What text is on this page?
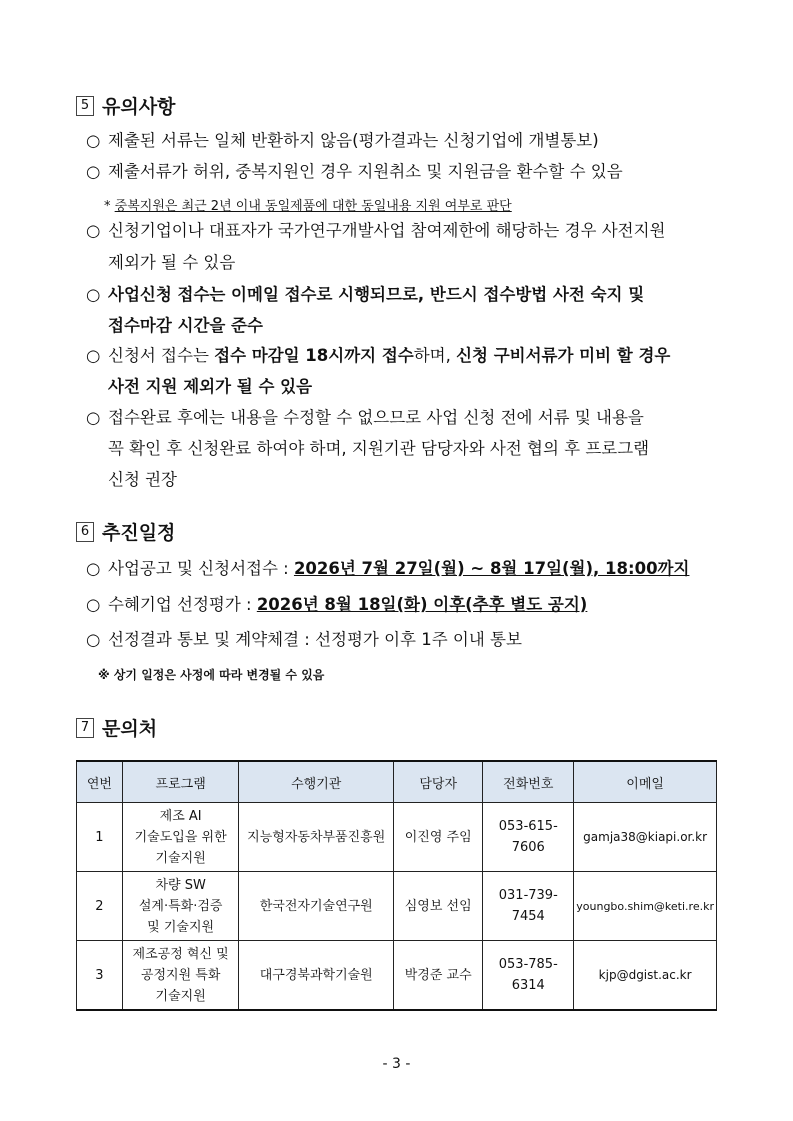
5 유의사항
○ 제출된 서류는 일체 반환하지 않음(평가결과는 신청기업에 개별통보)
○ 제출서류가 허위, 중복지원인 경우 지원취소 및 지원금을 환수할 수 있음
* 중복지원은 최근 2년 이내 동일제품에 대한 동일내용 지원 여부로 판단
○ 신청기업이나 대표자가 국가연구개발사업 참여제한에 해당하는 경우 사전지원
제외가 될 수 있음
○ 사업신청 접수는 이메일 접수로 시행되므로, 반드시 접수방법 사전 숙지 및
접수마감 시간을 준수
○ 신청서 접수는 접수 마감일 18시까지 접수하며, 신청 구비서류가 미비 할 경우
사전 지원 제외가 될 수 있음
○ 접수완료 후에는 내용을 수정할 수 없으므로 사업 신청 전에 서류 및 내용을
꼭 확인 후 신청완료 하여야 하며, 지원기관 담당자와 사전 협의 후 프로그램
신청 권장
6 추진일정
○ 사업공고 및 신청서접수 : 2026년 7월 27일(월) ~ 8월 17일(월), 18:00까지
○ 수혜기업 선정평가 : 2026년 8월 18일(화) 이후(추후 별도 공지)
○ 선정결과 통보 및 계약체결 : 선정평가 이후 1주 이내 통보
※ 상기 일정은 사정에 따라 변경될 수 있음
7 문의처
연번	프로그램	수행기관	담당자	전화번호	이메일
1	제조 AI
기술도입을 위한
기술지원	지능형자동차부품진흥원	이진영 주임	053-615-7606	gamja38@kiapi.or.kr
2	차량 SW
설계·특화·검증
및 기술지원	한국전자기술연구원	심영보 선임	031-739-7454	youngbo.shim@keti.re.kr
3	제조공정 혁신 및
공정지원 특화
기술지원	대구경북과학기술원	박경준 교수	053-785-6314	kjp@dgist.ac.kr
- 3 -
